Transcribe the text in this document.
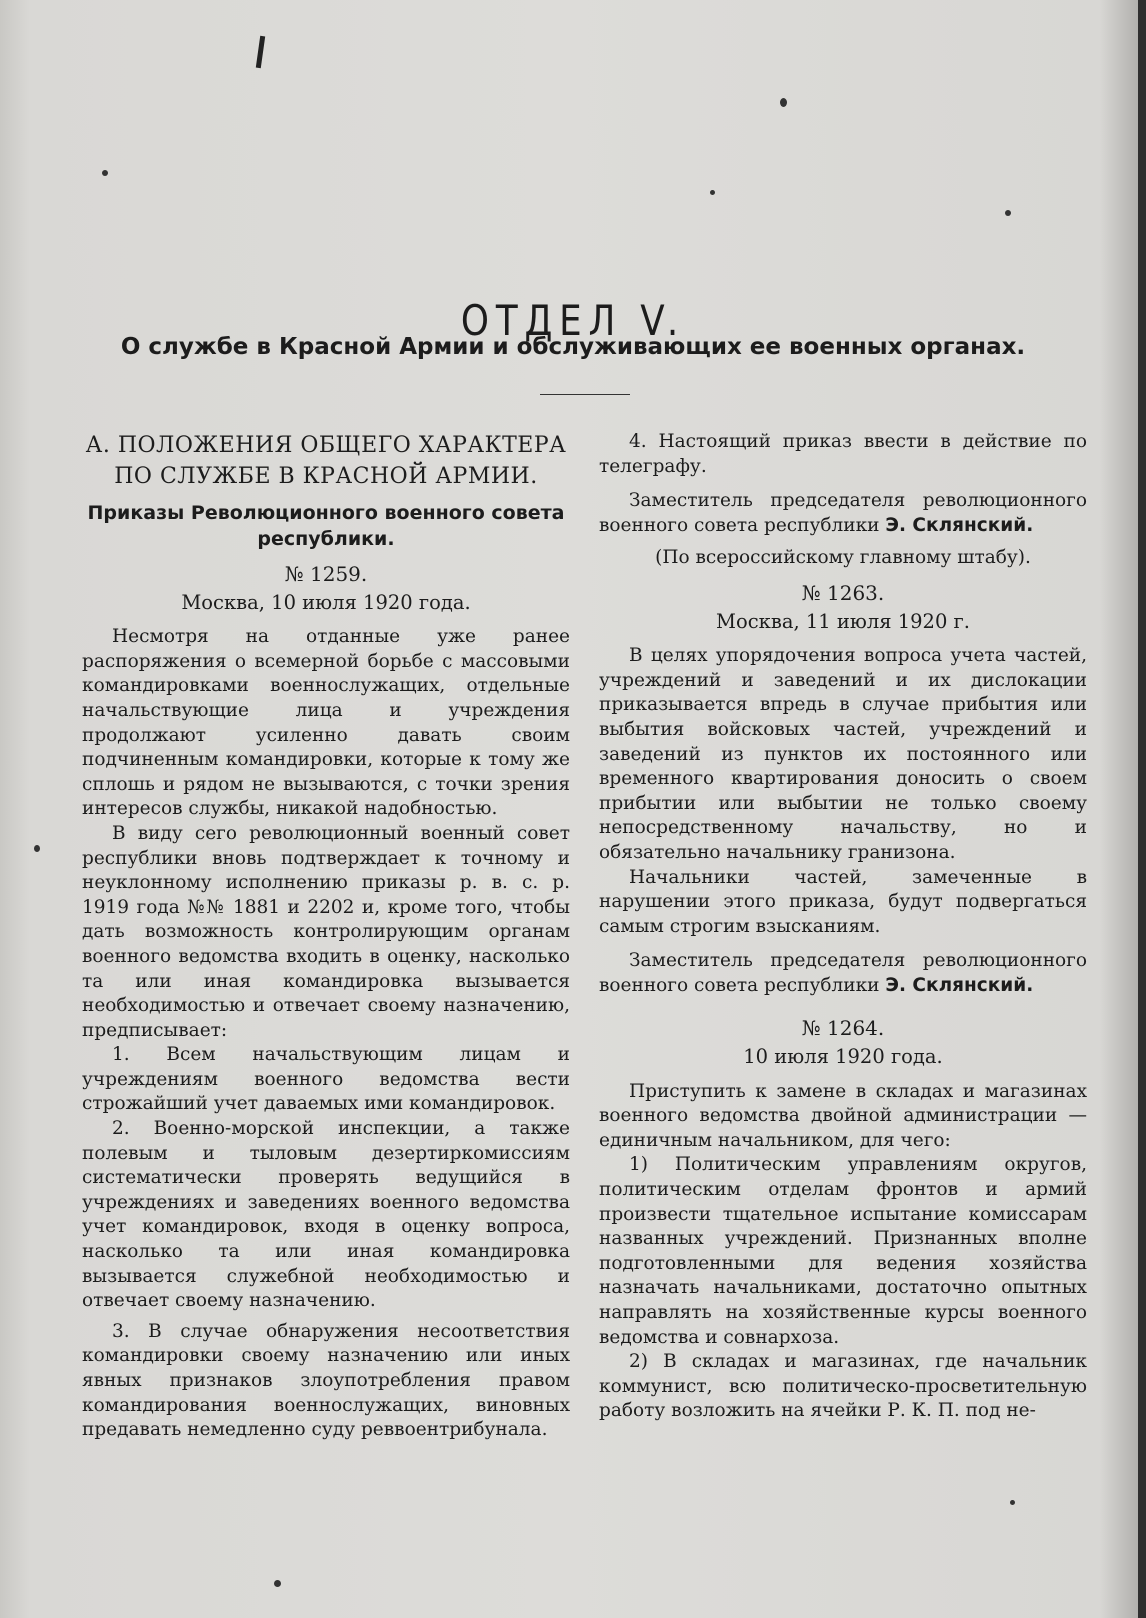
ОТДЕЛ V.
О службе в Красной Армии и обслуживающих ее военных органах.
А. ПОЛОЖЕНИЯ ОБЩЕГО ХАРАКТЕРА ПО СЛУЖБЕ В КРАСНОЙ АРМИИ.
Приказы Революционного военного совета республики.
№ 1259.
Москва, 10 июля 1920 года.

Несмотря на отданные уже ранее распоряжения о всемерной борьбе с массовыми командировками военнослужащих, отдельные начальствующие лица и учреждения продолжают усиленно давать своим подчиненным командировки, которые к тому же сплошь и рядом не вызываются, с точки зрения интересов службы, никакой надобностью.

В виду сего революционный военный совет республики вновь подтверждает к точному и неуклонному исполнению приказы р. в. с. р. 1919 года №№ 1881 и 2202 и, кроме того, чтобы дать возможность контролирующим органам военного ведомства входить в оценку, насколько та или иная командировка вызывается необходимостью и отвечает своему назначению, предписывает:

1. Всем начальствующим лицам и учреждениям военного ведомства вести строжайший учет даваемых ими командировок.

2. Военно-морской инспекции, а также полевым и тыловым дезертиркомиссиям систематически проверять ведущийся в учреждениях и заведениях военного ведомства учет командировок, входя в оценку вопроса, насколько та или иная командировка вызывается служебной необходимостью и отвечает своему назначению.

3. В случае обнаружения несоответствия командировки своему назначению или иных явных признаков злоупотребления правом командирования военнослужащих, виновных предавать немедленно суду реввоентрибунала.

4. Настоящий приказ ввести в действие по телеграфу.

Заместитель председателя революционного военного совета республики Э. Склянский.
(По всероссийскому главному штабу).
№ 1263.
Москва, 11 июля 1920 г.

В целях упорядочения вопроса учета частей, учреждений и заведений и их дислокации приказывается впредь в случае прибытия или выбытия войсковых частей, учреждений и заведений из пунктов их постоянного или временного квартирования доносить о своем прибытии или выбытии не только своему непосредственному начальству, но и обязательно начальнику гранизона.

Начальники частей, замеченные в нарушении этого приказа, будут подвергаться самым строгим взысканиям.

Заместитель председателя революционного военного совета республики Э. Склянский.
№ 1264.
10 июля 1920 года.

Приступить к замене в складах и магазинах военного ведомства двойной администрации — единичным начальником, для чего:

1) Политическим управлениям округов, политическим отделам фронтов и армий произвести тщательное испытание комиссарам названных учреждений. Признанных вполне подготовленными для ведения хозяйства назначать начальниками, достаточно опытных направлять на хозяйственные курсы военного ведомства и совнархоза.

2) В складах и магазинах, где начальник коммунист, всю политическо-просветительную работу возложить на ячейки Р. К. П. под не-
